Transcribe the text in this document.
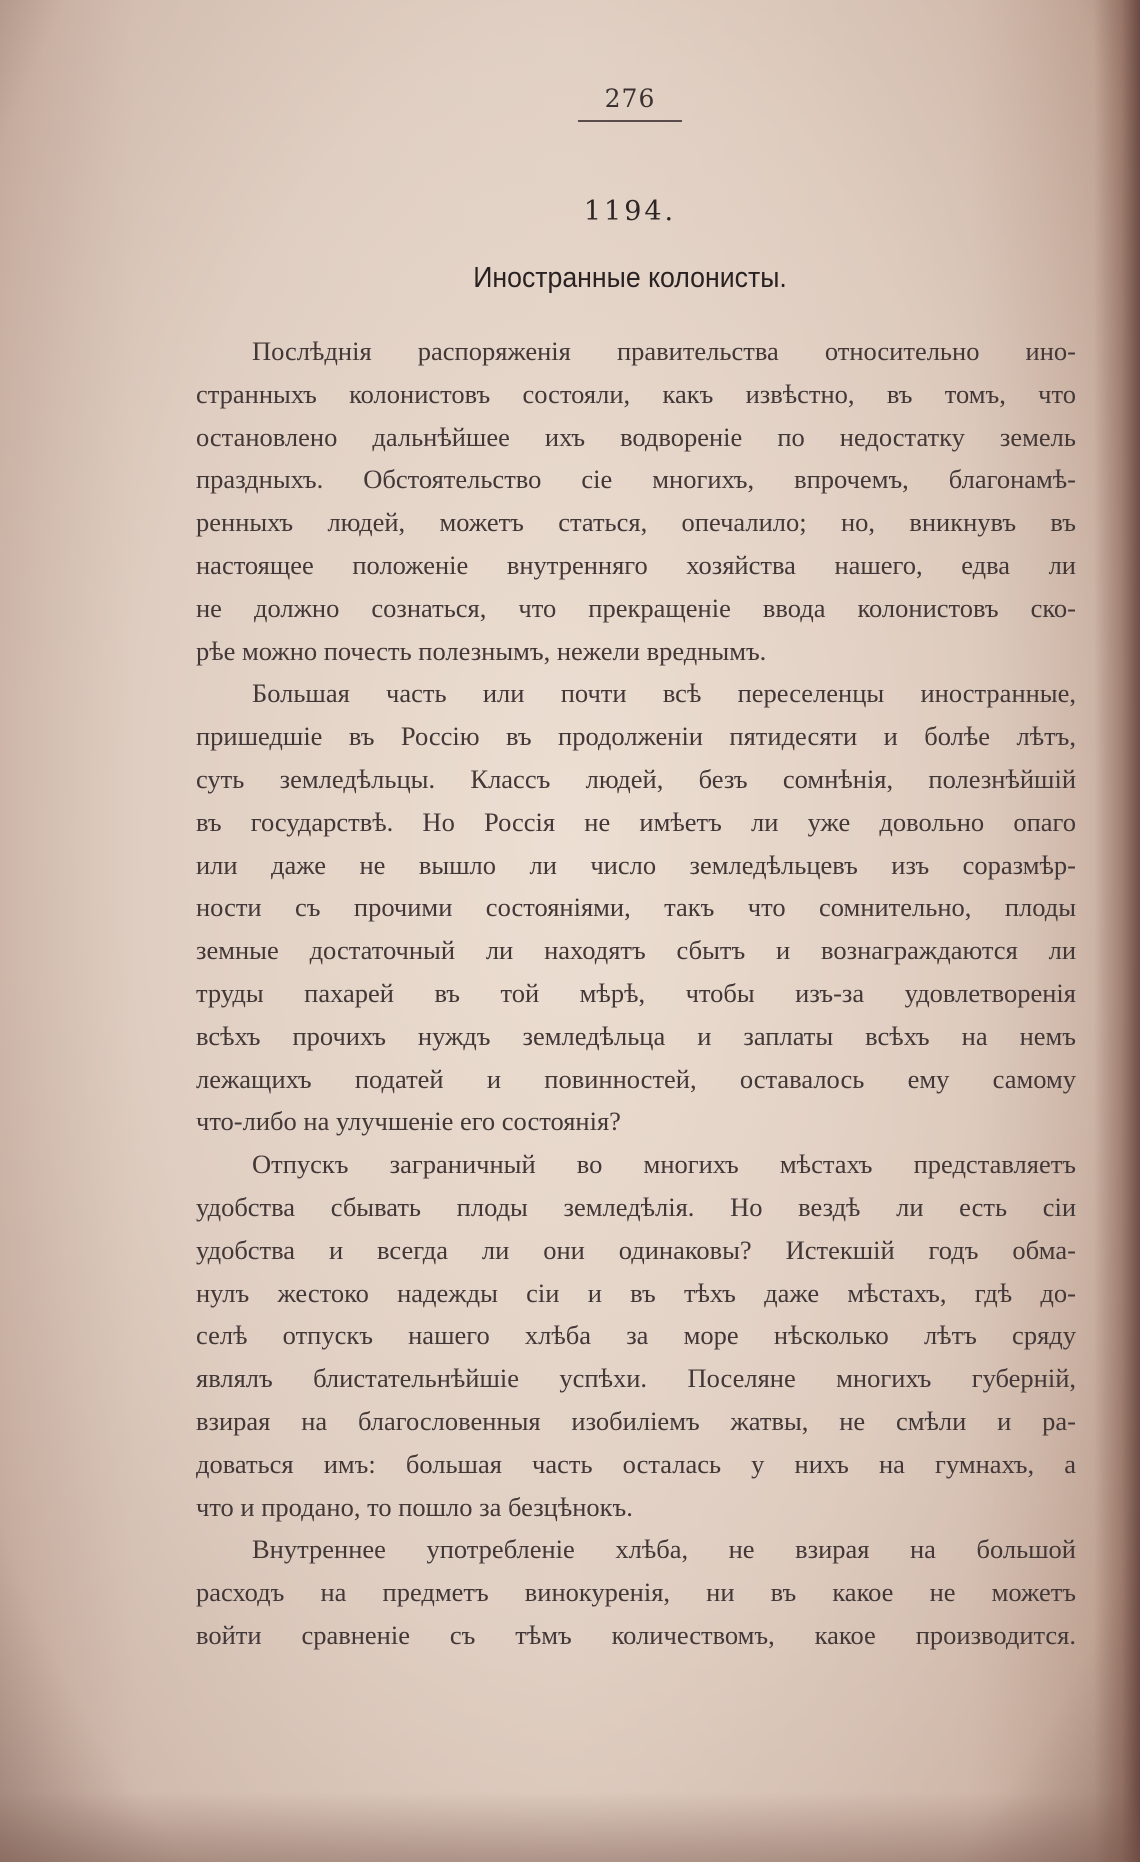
276
1194.
Иностранные колонисты.
Послѣднія распоряженія правительства относительно ино-
странныхъ колонистовъ состояли, какъ извѣстно, въ томъ, что
остановлено дальнѣйшее ихъ водвореніе по недостатку земель
праздныхъ. Обстоятельство сіе многихъ, впрочемъ, благонамѣ-
ренныхъ людей, можетъ статься, опечалило; но, вникнувъ въ
настоящее положеніе внутренняго хозяйства нашего, едва ли
не должно сознаться, что прекращеніе ввода колонистовъ ско-
рѣе можно почесть полезнымъ, нежели вреднымъ.
Большая часть или почти всѣ переселенцы иностранные,
пришедшіе въ Россію въ продолженіи пятидесяти и болѣе лѣтъ,
суть земледѣльцы. Классъ людей, безъ сомнѣнія, полезнѣйшій
въ государствѣ. Но Россія не имѣетъ ли уже довольно опаго
или даже не вышло ли число земледѣльцевъ изъ соразмѣр-
ности съ прочими состояніями, такъ что сомнительно, плоды
земные достаточный ли находятъ сбытъ и вознаграждаются ли
труды пахарей въ той мѣрѣ, чтобы изъ-за удовлетворенія
всѣхъ прочихъ нуждъ земледѣльца и заплаты всѣхъ на немъ
лежащихъ податей и повинностей, оставалось ему самому
что-либо на улучшеніе его состоянія?
Отпускъ заграничный во многихъ мѣстахъ представляетъ
удобства сбывать плоды земледѣлія. Но вездѣ ли есть сіи
удобства и всегда ли они одинаковы? Истекшій годъ обма-
нулъ жестоко надежды сіи и въ тѣхъ даже мѣстахъ, гдѣ до-
селѣ отпускъ нашего хлѣба за море нѣсколько лѣтъ сряду
являлъ блистательнѣйшіе успѣхи. Поселяне многихъ губерній,
взирая на благословенныя изобиліемъ жатвы, не смѣли и ра-
доваться имъ: большая часть осталась у нихъ на гумнахъ, а
что и продано, то пошло за безцѣнокъ.
Внутреннее употребленіе хлѣба, не взирая на большой
расходъ на предметъ винокуренія, ни въ какое не можетъ
войти сравненіе съ тѣмъ количествомъ, какое производится.
